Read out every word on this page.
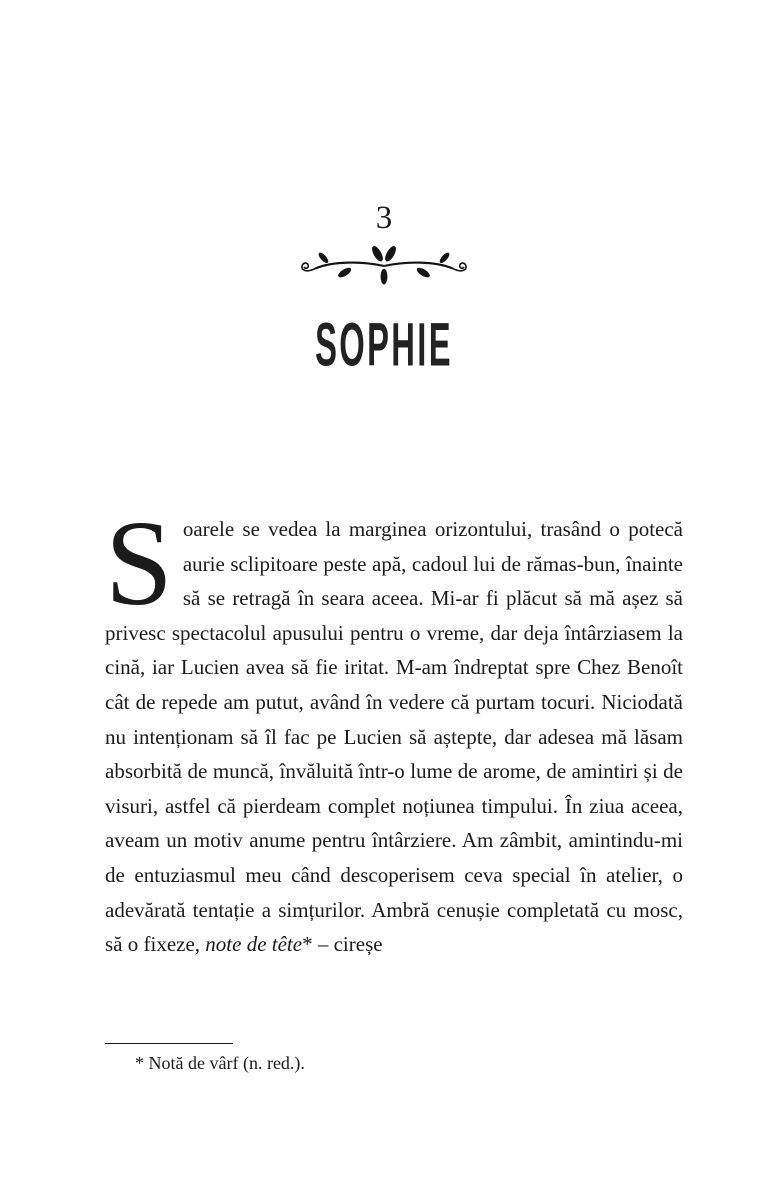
3
SOPHIE
Soarele se vedea la marginea orizontului, trasând o potecă aurie sclipitoare peste apă, cadoul lui de rămas-bun, înainte să se retragă în seara aceea. Mi-ar fi plăcut să mă așez să privesc spectacolul apusului pentru o vreme, dar deja întârziasem la cină, iar Lucien avea să fie iritat. M-am îndreptat spre Chez Benoît cât de repede am putut, având în vedere că purtam tocuri. Niciodată nu intenționam să îl fac pe Lucien să aștepte, dar adesea mă lăsam absorbită de muncă, învăluită într-o lume de arome, de amintiri și de visuri, astfel că pierdeam complet noțiunea timpului. În ziua aceea, aveam un motiv anume pentru întârziere. Am zâmbit, amintindu-mi de entuziasmul meu când descoperisem ceva special în atelier, o adevărată tentație a simțurilor. Ambră cenușie completată cu mosc, să o fixeze, note de tête* – cireșe
* Notă de vârf (n. red.).
